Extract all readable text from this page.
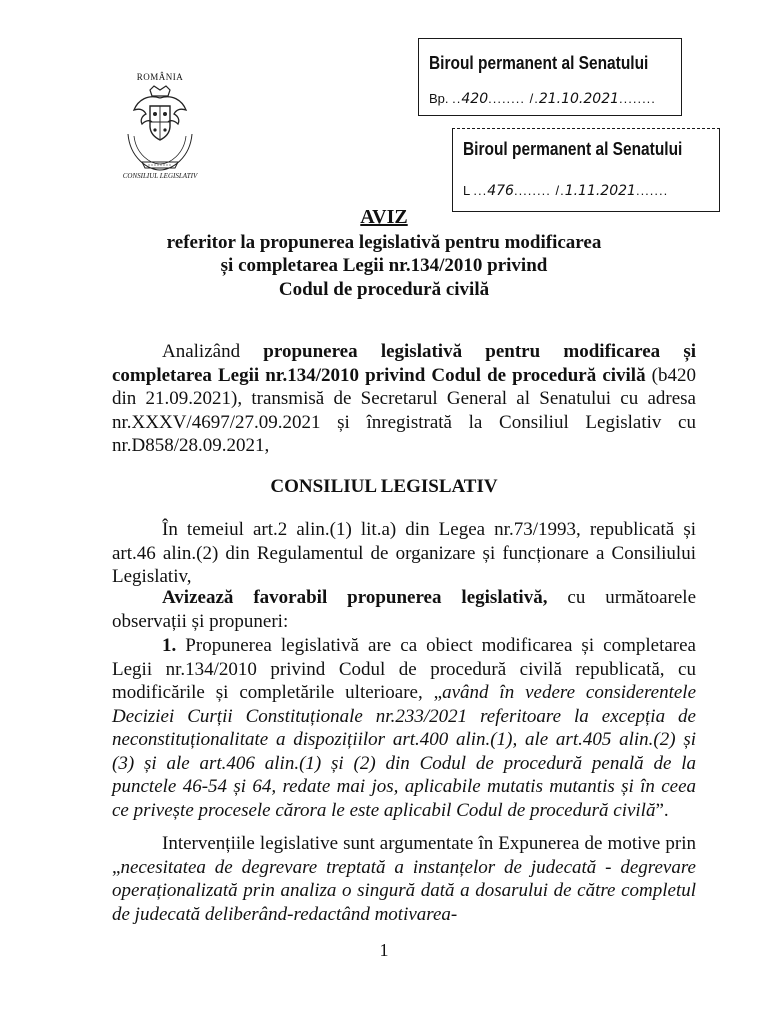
ROMÂNIA
CONSILIUL LEGISLATIV
Biroul permanent al Senatului
Bp. ..420........ /.21.10.2021........
Biroul permanent al Senatului
L ...476........ /.1.11.2021.......
AVIZ
referitor la propunerea legislativă pentru modificarea
și completarea Legii nr.134/2010 privind
Codul de procedură civilă
Analizând propunerea legislativă pentru modificarea și completarea Legii nr.134/2010 privind Codul de procedură civilă (b420 din 21.09.2021), transmisă de Secretarul General al Senatului cu adresa nr.XXXV/4697/27.09.2021 și înregistrată la Consiliul Legislativ cu nr.D858/28.09.2021,
CONSILIUL LEGISLATIV
În temeiul art.2 alin.(1) lit.a) din Legea nr.73/1993, republicată și art.46 alin.(2) din Regulamentul de organizare și funcționare a Consiliului Legislativ,
Avizează favorabil propunerea legislativă, cu următoarele observații și propuneri:
1. Propunerea legislativă are ca obiect modificarea și completarea Legii nr.134/2010 privind Codul de procedură civilă republicată, cu modificările și completările ulterioare, „având în vedere considerentele Deciziei Curții Constituționale nr.233/2021 referitoare la excepția de neconstituționalitate a dispozițiilor art.400 alin.(1), ale art.405 alin.(2) și (3) și ale art.406 alin.(1) și (2) din Codul de procedură penală de la punctele 46-54 și 64, redate mai jos, aplicabile mutatis mutantis și în ceea ce privește procesele cărora le este aplicabil Codul de procedură civilă”.
Intervențiile legislative sunt argumentate în Expunerea de motive prin „necesitatea de degrevare treptată a instanțelor de judecată - degrevare operaționalizată prin analiza o singură dată a dosarului de către completul de judecată deliberând-redactând motivarea-
1
